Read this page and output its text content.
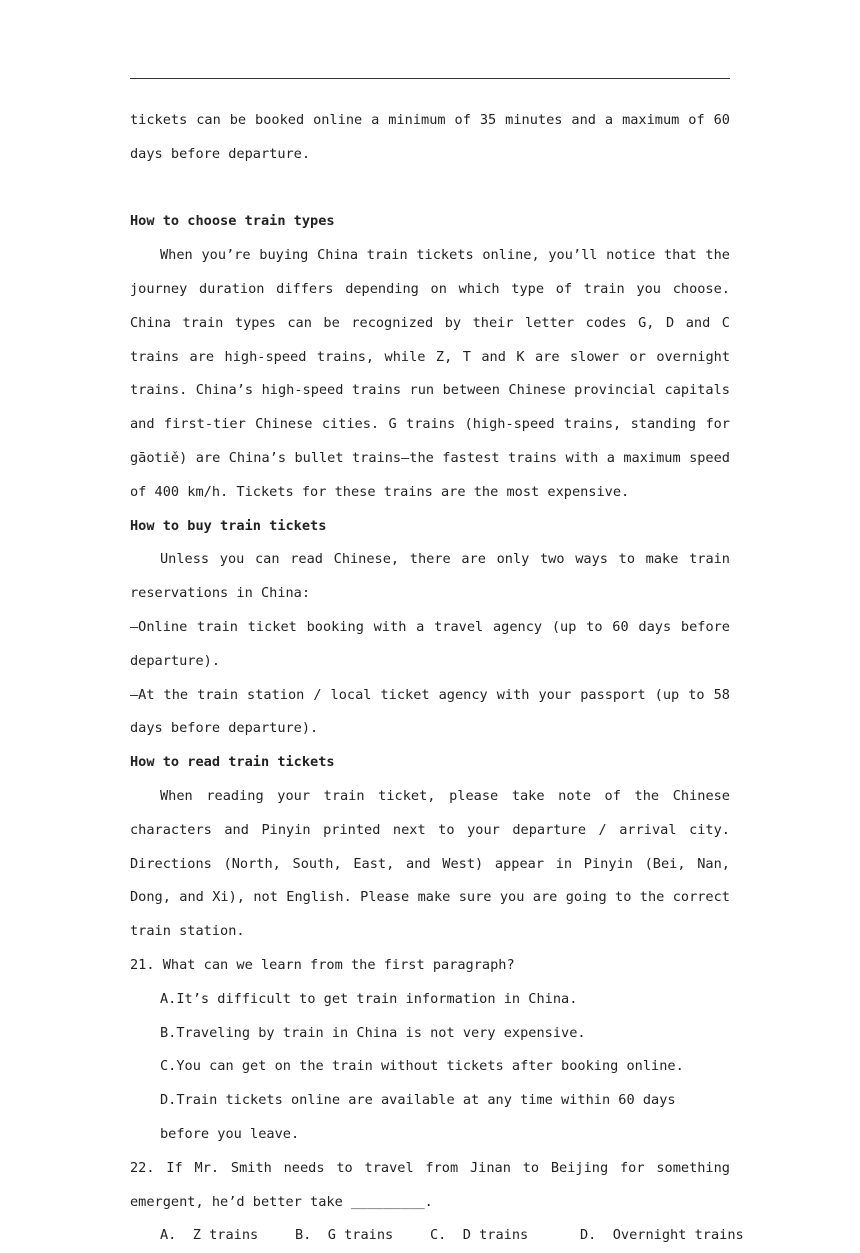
tickets can be booked online a minimum of 35 minutes and a maximum of 60 days before departure.

How to choose train types

When you’re buying China train tickets online, you’ll notice that the journey duration differs depending on which type of train you choose. China train types can be recognized by their letter codes G, D and C trains are high-speed trains, while Z, T and K are slower or overnight trains. China’s high-speed trains run between Chinese provincial capitals and first-tier Chinese cities. G trains (high-speed trains, standing for gāotiě) are China’s bullet trains—the fastest trains with a maximum speed of 400 km/h. Tickets for these trains are the most expensive.

How to buy train tickets

Unless you can read Chinese, there are only two ways to make train reservations in China:

—Online train ticket booking with a travel agency (up to 60 days before departure).

—At the train station / local ticket agency with your passport (up to 58 days before departure).

How to read train tickets

When reading your train ticket, please take note of the Chinese characters and Pinyin printed next to your departure / arrival city. Directions (North, South, East, and West) appear in Pinyin (Bei, Nan, Dong, and Xi), not English. Please make sure you are going to the correct train station.

21. What can we learn from the first paragraph?

A.It’s difficult to get train information in China.

B.Traveling by train in China is not very expensive.

C.You can get on the train without tickets after booking online.

D.Train tickets online are available at any time within 60 days before you leave.

22. If Mr. Smith needs to travel from Jinan to Beijing for something emergent, he’d better take _________.

A.  Z trains	B.  G trains	C.  D trains	D.  Overnight trains
